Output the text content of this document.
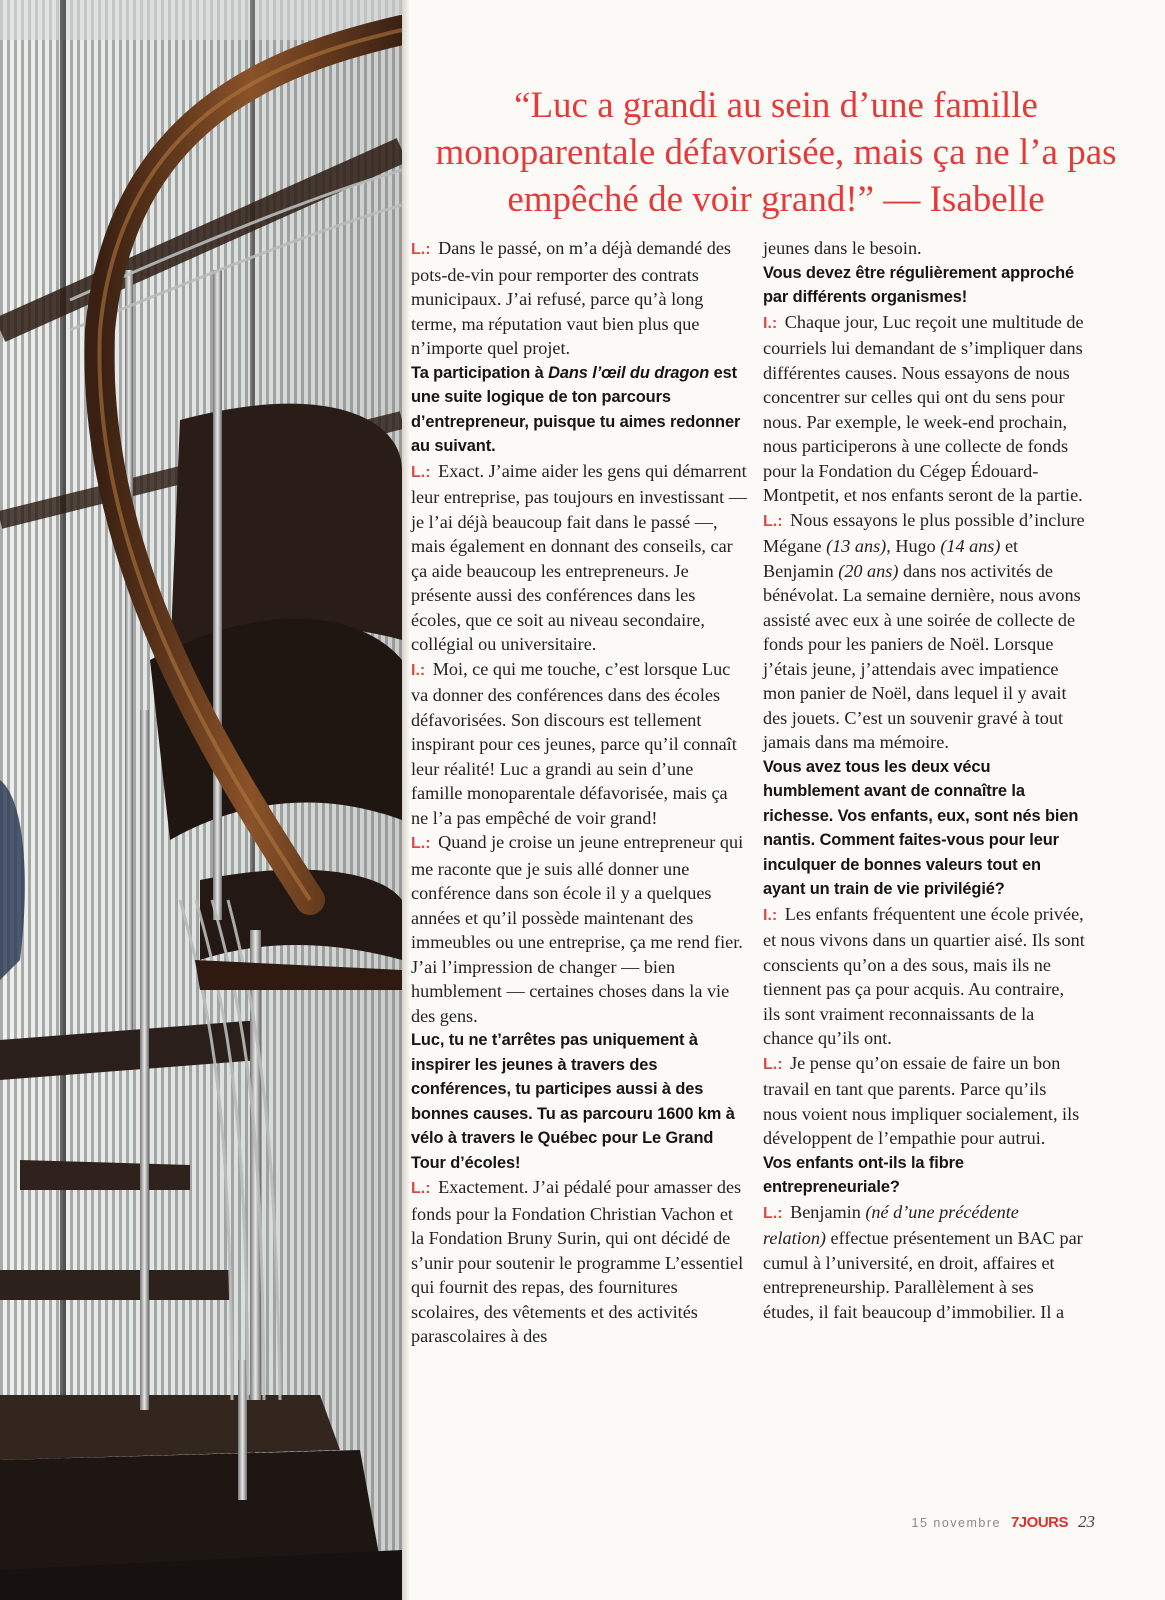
“Luc a grandi au sein d’une famille monoparentale défavorisée, mais ça ne l’a pas empêché de voir grand!” — Isabelle

L.: Dans le passé, on m’a déjà demandé des pots-de-vin pour remporter des contrats municipaux. J’ai refusé, parce qu’à long terme, ma réputation vaut bien plus que n’importe quel projet.

Ta participation à Dans l’œil du dragon est une suite logique de ton parcours d’entrepreneur, puisque tu aimes redonner au suivant.

L.: Exact. J’aime aider les gens qui démarrent leur entreprise, pas toujours en investissant — je l’ai déjà beaucoup fait dans le passé —, mais également en donnant des conseils, car ça aide beaucoup les entrepreneurs. Je présente aussi des conférences dans les écoles, que ce soit au niveau secondaire, collégial ou universitaire.

I.: Moi, ce qui me touche, c’est lorsque Luc va donner des conférences dans des écoles défavorisées. Son discours est tellement inspirant pour ces jeunes, parce qu’il connaît leur réalité! Luc a grandi au sein d’une famille monoparentale défavorisée, mais ça ne l’a pas empêché de voir grand!

L.: Quand je croise un jeune entrepreneur qui me raconte que je suis allé donner une conférence dans son école il y a quelques années et qu’il possède maintenant des immeubles ou une entreprise, ça me rend fier. J’ai l’impression de changer — bien humblement — certaines choses dans la vie des gens.

Luc, tu ne t’arrêtes pas uniquement à inspirer les jeunes à travers des conférences, tu participes aussi à des bonnes causes. Tu as parcouru 1600 km à vélo à travers le Québec pour Le Grand Tour d’écoles!

L.: Exactement. J’ai pédalé pour amasser des fonds pour la Fondation Christian Vachon et la Fondation Bruny Surin, qui ont décidé de s’unir pour soutenir le programme L’essentiel qui fournit des repas, des fournitures scolaires, des vêtements et des activités parascolaires à des

jeunes dans le besoin.

Vous devez être régulièrement approché par différents organismes!

I.: Chaque jour, Luc reçoit une multitude de courriels lui demandant de s’impliquer dans différentes causes. Nous essayons de nous concentrer sur celles qui ont du sens pour nous. Par exemple, le week-end prochain, nous participerons à une collecte de fonds pour la Fondation du Cégep Édouard-Montpetit, et nos enfants seront de la partie.

L.: Nous essayons le plus possible d’inclure Mégane (13 ans), Hugo (14 ans) et Benjamin (20 ans) dans nos activités de bénévolat. La semaine dernière, nous avons assisté avec eux à une soirée de collecte de fonds pour les paniers de Noël. Lorsque j’étais jeune, j’attendais avec impatience mon panier de Noël, dans lequel il y avait des jouets. C’est un souvenir gravé à tout jamais dans ma mémoire.

Vous avez tous les deux vécu humblement avant de connaître la richesse. Vos enfants, eux, sont nés bien nantis. Comment faites-vous pour leur inculquer de bonnes valeurs tout en ayant un train de vie privilégié?

I.: Les enfants fréquentent une école privée, et nous vivons dans un quartier aisé. Ils sont conscients qu’on a des sous, mais ils ne tiennent pas ça pour acquis. Au contraire, ils sont vraiment reconnaissants de la chance qu’ils ont.

L.: Je pense qu’on essaie de faire un bon travail en tant que parents. Parce qu’ils nous voient nous impliquer socialement, ils développent de l’empathie pour autrui.

Vos enfants ont-ils la fibre entrepreneuriale?

L.: Benjamin (né d’une précédente relation) effectue présentement un BAC par cumul à l’université, en droit, affaires et entrepreneurship. Parallèlement à ses études, il fait beaucoup d’immobilier. Il a

15 novembre 7JOURS 23
